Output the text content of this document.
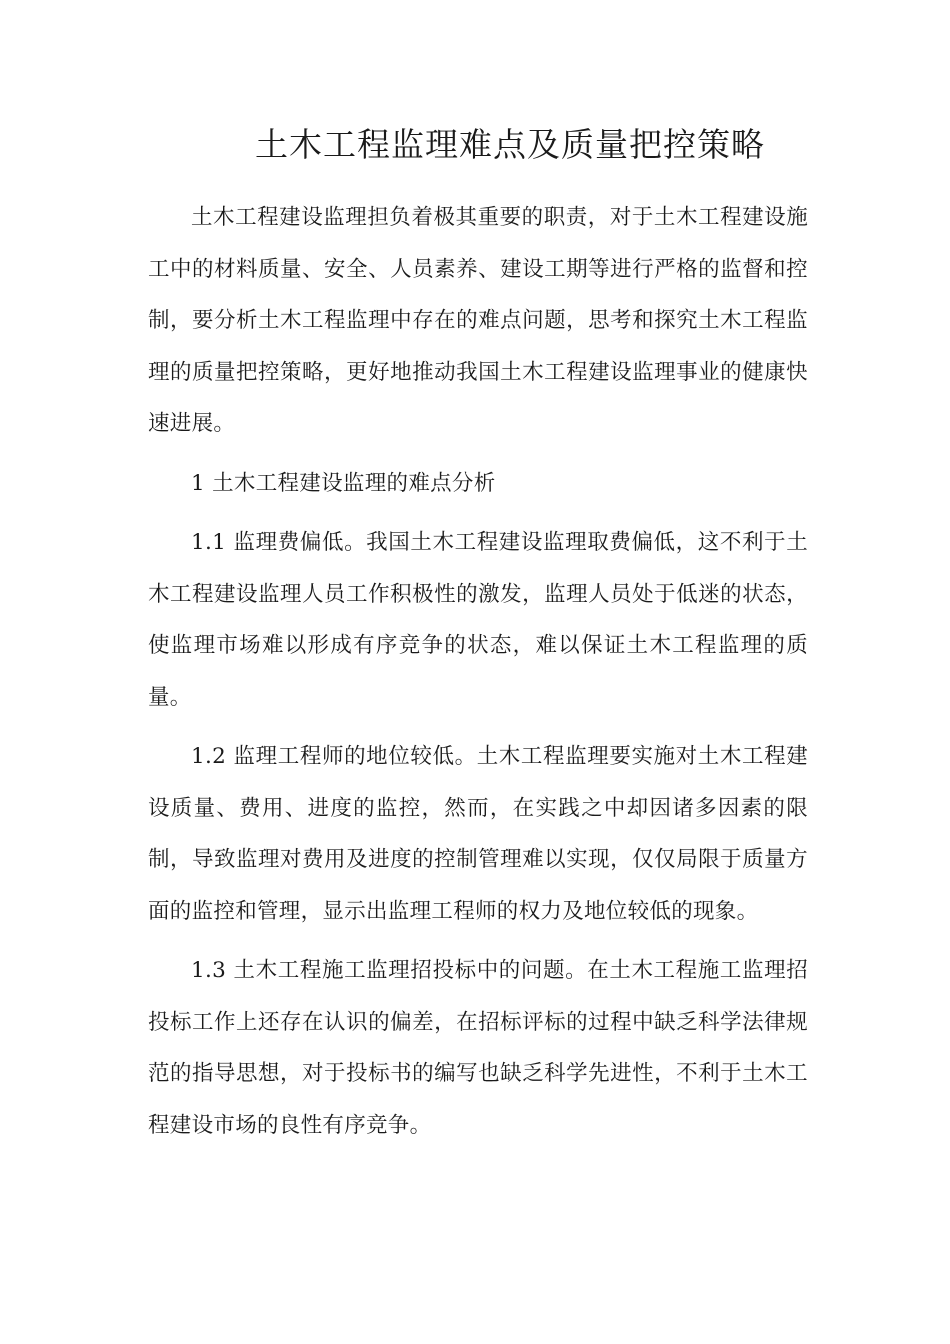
土木工程监理难点及质量把控策略

土木工程建设监理担负着极其重要的职责，对于土木工程建设施工中的材料质量、安全、人员素养、建设工期等进行严格的监督和控制，要分析土木工程监理中存在的难点问题，思考和探究土木工程监理的质量把控策略，更好地推动我国土木工程建设监理事业的健康快速进展。

1 土木工程建设监理的难点分析

1.1 监理费偏低。我国土木工程建设监理取费偏低，这不利于土木工程建设监理人员工作积极性的激发，监理人员处于低迷的状态，使监理市场难以形成有序竞争的状态，难以保证土木工程监理的质量。

1.2 监理工程师的地位较低。土木工程监理要实施对土木工程建设质量、费用、进度的监控，然而，在实践之中却因诸多因素的限制，导致监理对费用及进度的控制管理难以实现，仅仅局限于质量方面的监控和管理，显示出监理工程师的权力及地位较低的现象。

1.3 土木工程施工监理招投标中的问题。在土木工程施工监理招投标工作上还存在认识的偏差，在招标评标的过程中缺乏科学法律规范的指导思想，对于投标书的编写也缺乏科学先进性，不利于土木工程建设市场的良性有序竞争。
